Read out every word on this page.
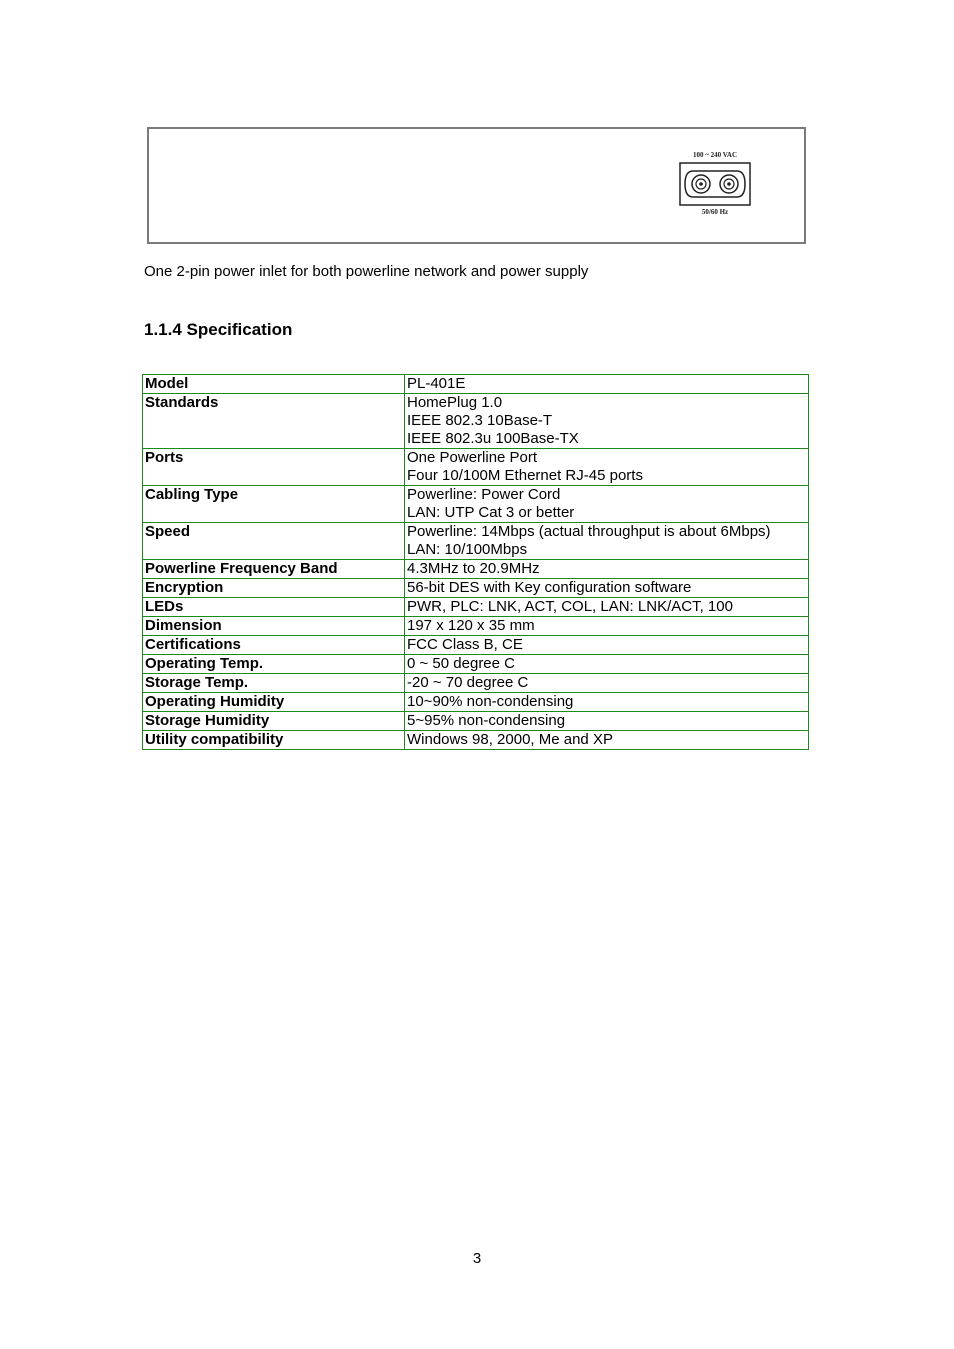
100 ~ 240 VAC
50/60 Hz
One 2-pin power inlet for both powerline network and power supply
1.1.4 Specification
Model	PL-401E

Standards	HomePlug 1.0
IEEE 802.3 10Base-T
IEEE 802.3u 100Base-TX

Ports	One Powerline Port
Four 10/100M Ethernet RJ-45 ports

Cabling Type	Powerline: Power Cord
LAN: UTP Cat 3 or better

Speed	Powerline: 14Mbps (actual throughput is about 6Mbps)
LAN: 10/100Mbps

Powerline Frequency Band	4.3MHz to 20.9MHz

Encryption	56-bit DES with Key configuration software

LEDs	PWR, PLC: LNK, ACT, COL, LAN: LNK/ACT, 100

Dimension	197 x 120 x 35 mm

Certifications	FCC Class B, CE

Operating Temp.	0 ~ 50 degree C

Storage Temp.	-20 ~ 70 degree C

Operating Humidity	10~90% non-condensing

Storage Humidity	5~95% non-condensing

Utility compatibility	Windows 98, 2000, Me and XP
3
